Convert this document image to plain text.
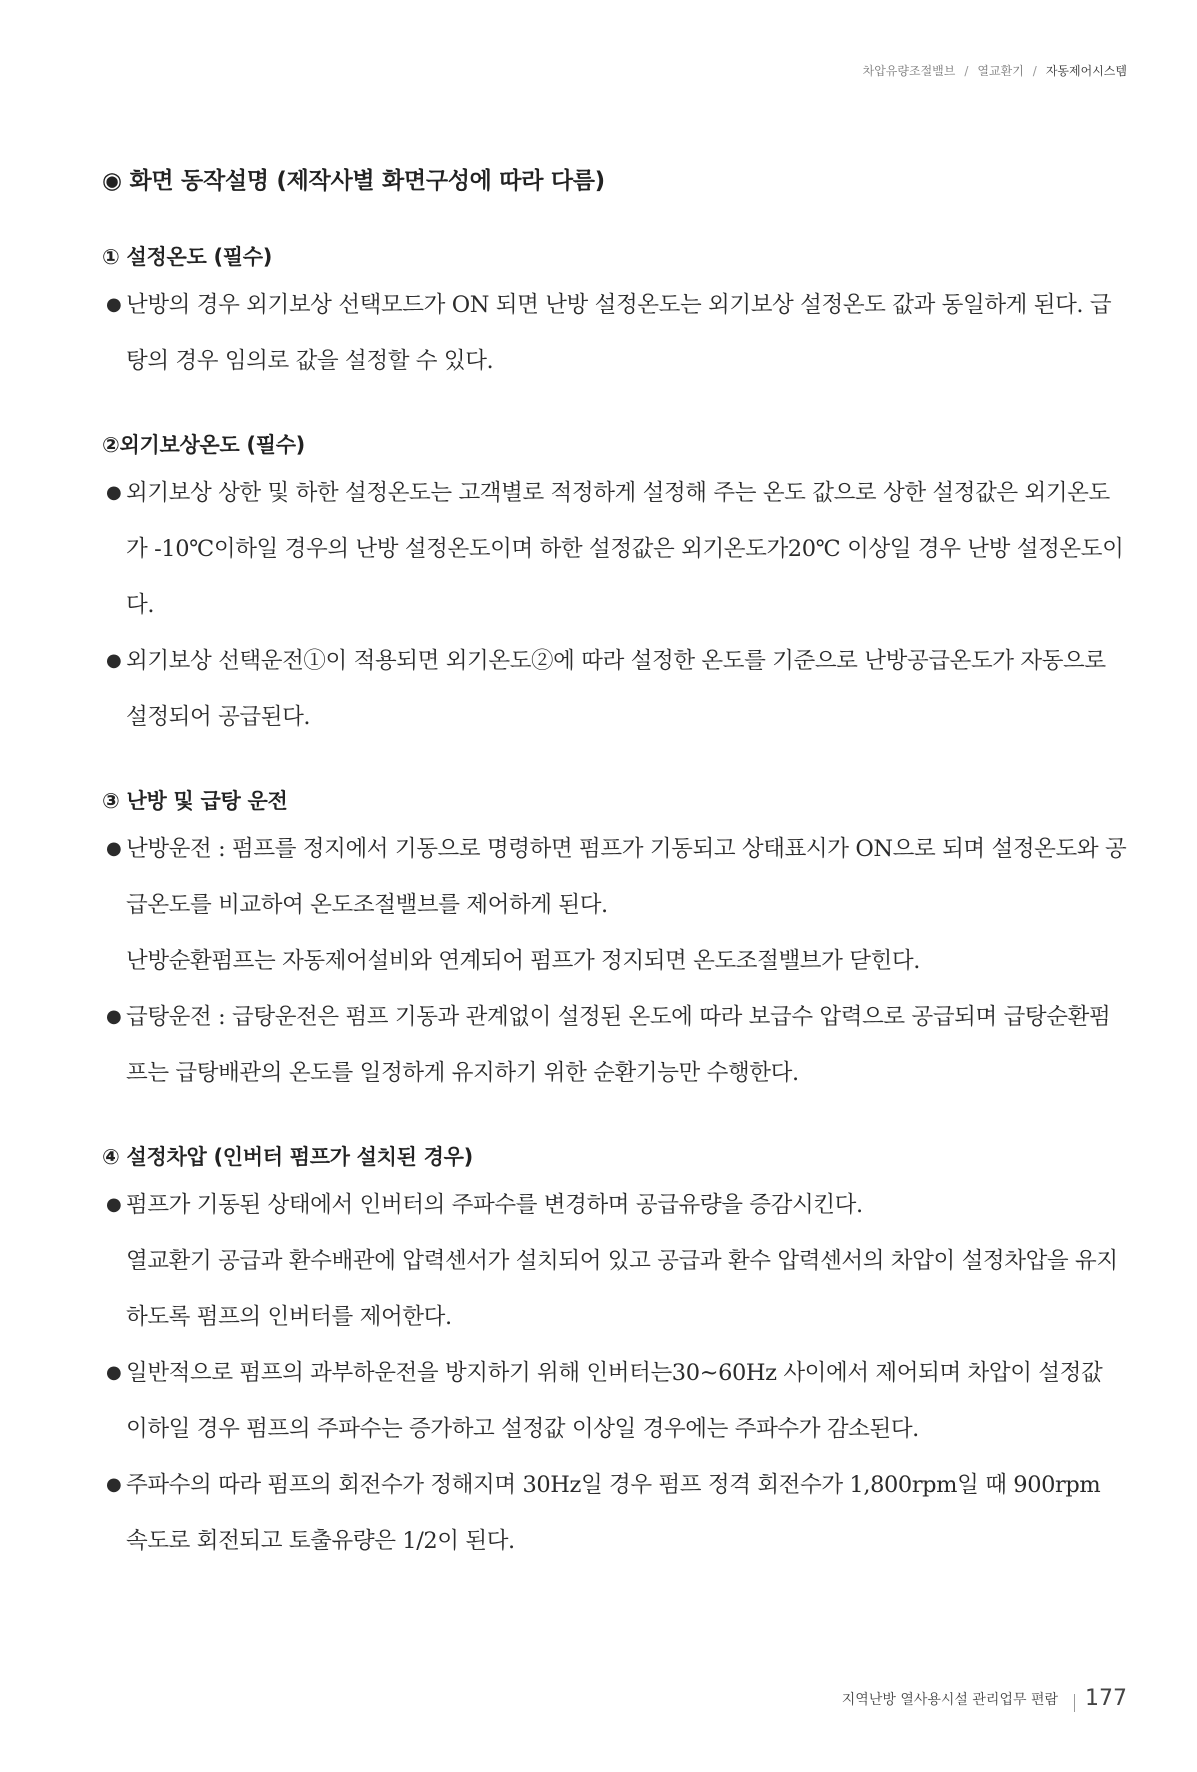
차압유량조절밸브 / 열교환기 / 자동제어시스템
◉ 화면 동작설명 (제작사별 화면구성에 따라 다름)
① 설정온도 (필수)
● 난방의 경우 외기보상 선택모드가 ON 되면 난방 설정온도는 외기보상 설정온도 값과 동일하게 된다. 급탕의 경우 임의로 값을 설정할 수 있다.
②외기보상온도 (필수)
● 외기보상 상한 및 하한 설정온도는 고객별로 적정하게 설정해 주는 온도 값으로 상한 설정값은 외기온도가 -10℃이하일 경우의 난방 설정온도이며 하한 설정값은 외기온도가20℃ 이상일 경우 난방 설정온도이다.
● 외기보상 선택운전①이 적용되면 외기온도②에 따라 설정한 온도를 기준으로 난방공급온도가 자동으로 설정되어 공급된다.
③ 난방 및 급탕 운전
● 난방운전 : 펌프를 정지에서 기동으로 명령하면 펌프가 기동되고 상태표시가 ON으로 되며 설정온도와 공급온도를 비교하여 온도조절밸브를 제어하게 된다.
난방순환펌프는 자동제어설비와 연계되어 펌프가 정지되면 온도조절밸브가 닫힌다.
● 급탕운전 : 급탕운전은 펌프 기동과 관계없이 설정된 온도에 따라 보급수 압력으로 공급되며 급탕순환펌프는 급탕배관의 온도를 일정하게 유지하기 위한 순환기능만 수행한다.
④ 설정차압 (인버터 펌프가 설치된 경우)
● 펌프가 기동된 상태에서 인버터의 주파수를 변경하며 공급유량을 증감시킨다.
열교환기 공급과 환수배관에 압력센서가 설치되어 있고 공급과 환수 압력센서의 차압이 설정차압을 유지하도록 펌프의 인버터를 제어한다.
● 일반적으로 펌프의 과부하운전을 방지하기 위해 인버터는30~60Hz 사이에서 제어되며 차압이 설정값 이하일 경우 펌프의 주파수는 증가하고 설정값 이상일 경우에는 주파수가 감소된다.
● 주파수의 따라 펌프의 회전수가 정해지며 30Hz일 경우 펌프 정격 회전수가 1,800rpm일 때 900rpm 속도로 회전되고 토출유량은 1/2이 된다.
지역난방 열사용시설 관리업무 편람 177
